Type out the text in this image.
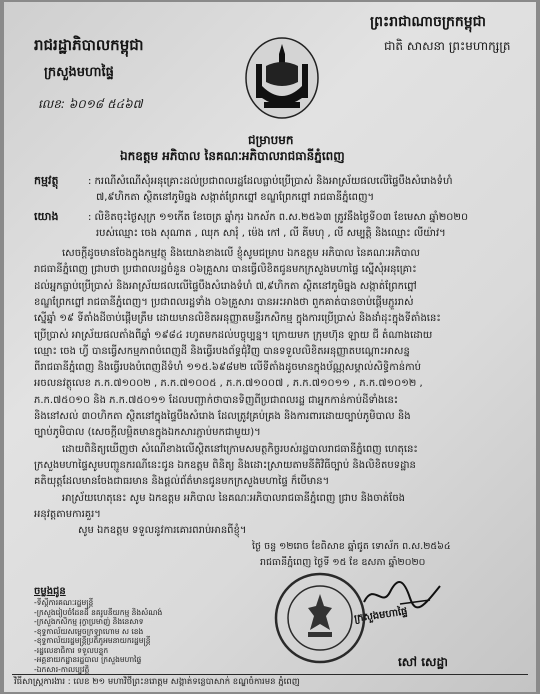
រាជរដ្ឋាភិបាលកម្ពុជា
ក្រសួងមហាផ្ទៃ
លេខ: ៦០១៨ ៥៤៦៧
ព្រះរាជាណាចក្រកម្ពុជា
ជាតិ សាសនា ព្រះមហាក្សត្រ
ជម្រាបមក
ឯកឧត្តម អភិបាល នៃគណៈអភិបាលរាជធានីភ្នំពេញ
កម្មវត្ថុ	: ករណីសំណើសុំអនុគ្រោះដល់ប្រជាពលរដ្ឋដែលធ្លាប់ប្រើប្រាស់ និងអាស្រ័យផលលើផ្ទៃបឹងសំរោងទំហំ
៧,៩ហិកតា ស្ថិតនៅភូមិធ្នង សង្កាត់ព្រែកព្នៅ ខណ្ឌព្រែកព្នៅ រាជធានីភ្នំពេញ។
យោង	: លិខិតចុះថ្ងៃសុក្រ ១១កើត ខែចេត្រ ឆ្នាំកុរ ឯកស័ក ព.ស.២៥៦៣ ត្រូវនឹងថ្ងៃទី០៣ ខែមេសា ឆ្នាំ២០២០
របស់ឈ្មោះ ចេង សុណាត , ឈុក សារុំ , ម៉េង កៅ , លី គីមហុ , លី សម្បត្តិ និងឈ្មោះ លីយ៉ាវ។
សេចក្តីដូចមានចែងក្នុងកម្មវត្ថុ និងយោងខាងលើ ខ្ញុំសូមជម្រាប ឯកឧត្តម អភិបាល នៃគណៈអភិបាល
រាជធានីភ្នំពេញ ជ្រាបថា ប្រជាពលរដ្ឋចំនួន ០៦គ្រួសារ បានធ្វើលិខិតជូនមកក្រសួងមហាផ្ទៃ ស្នើសុំអនុគ្រោះ
ដល់អ្នកធ្លាប់ប្រើប្រាស់ និងអាស្រ័យផលលើផ្ទៃបឹងសំរោងទំហំ ៧,៩ហិកតា ស្ថិតនៅភូមិធ្នង សង្កាត់ព្រែកព្នៅ
ខណ្ឌព្រែកព្នៅ រាជធានីភ្នំពេញ។ ប្រជាពលរដ្ឋទាំង ០៦គ្រួសារ បានអះអាងថា ពួកគាត់បានចាប់ផ្តើមភ្ជួររាស់
ស្នើឆ្នាំ ១៩ ទីតាំងដីចាប់ផ្តើមត្រឹម ដោយមានលិខិតអនុញ្ញាតមន្ទីរកសិកម្ម ក្នុងការប្រើប្រាស់ និងដាំដុះក្នុងទីតាំងនេះ
ប្រើប្រាស់ អាស្រ័យផលតាំងពីឆ្នាំ ១៩៨៤ រហូតមកដល់បច្ចុប្បន្ន។ ក្រោយមក ក្រុមហ៊ុន ឡាយ ជី តំណាងដោយ
ឈ្មោះ ចេង ហ្វី បានធ្វើសកម្មភាពបំពេញដី និងធ្វើរបងព័ទ្ធជុំវិញ បានទទួលលិខិតអនុញ្ញាតបណ្តោះអាសន្ន
ពីរាជធានីភ្នំពេញ និងធ្វើរបងបំពេញដីទំហំ ១១៥.៦៩៨ម២ លើទីតាំងដូចមានក្នុងប័ណ្ណសម្គាល់សិទ្ធិកាន់កាប់
អចលនវត្ថុលេខ ភ.ក.៧១០០២ , ភ.ក.៧១០០៥ , ភ.ក.៧១០០៧ , ភ.ក.៧១០១១ , ភ.ក.៧១០១២ ,
ភ.ក.៧៥០១០ និង ភ.ក.៧៥០១១ ដែលបញ្ជាក់ថាបានទិញពីប្រជាពលរដ្ឋ ជាអ្នកកាន់កាប់ដីទាំងនេះ
និងនៅសល់ ៣០ហិកតា ស្ថិតនៅក្នុងផ្ទៃបឹងសំរោង ដែលត្រូវគ្រប់គ្រង និងការពារដោយច្បាប់ភូមិបាល និង
ច្បាប់ភូមិបាល (សេចក្តីលម្អិតមានក្នុងឯកសារភ្ជាប់មកជាមួយ)។
ដោយពិនិត្យឃើញថា សំណើខាងលើស្ថិតនៅក្រោមសមត្ថកិច្ចរបស់រដ្ឋបាលរាជធានីភ្នំពេញ ហេតុនេះ
ក្រសួងមហាផ្ទៃសូមបញ្ជូនករណីនេះជូន ឯកឧត្តម ពិនិត្យ និងដោះស្រាយតាមនីតិវិធីច្បាប់ និងលិខិតបទដ្ឋាន
គតិយុត្តដែលមានចែងជាធរមាន និងផ្តល់ព័ត៌មានជូនមកក្រសួងមហាផ្ទៃ ក៏បើមាន។
អាស្រ័យហេតុនេះ សូម ឯកឧត្តម អភិបាល នៃគណៈអភិបាលរាជធានីភ្នំពេញ ជ្រាប និងចាត់ចែង
អនុវត្តតាមការគួរ។
សូម ឯកឧត្តម ទទួលនូវការគោរពរាប់អានពីខ្ញុំ។
ថ្ងៃ ចន្ទ ១២រោច ខែពិសាខ ឆ្នាំជូត ទោស័ក ព.ស.២៥៦៤
រាជធានីភ្នំពេញ ថ្ងៃទី ១៥ ខែ ឧសភា ឆ្នាំ២០២០
ក្រសួងមហាផ្ទៃ
សៅ សេដ្ឋា
ចម្លងជូន
-ទីស្តីការគណៈរដ្ឋមន្ត្រី
-ក្រសួងរៀបចំដែនដី នគរូបនីយកម្ម និងសំណង់
-ក្រសួងកសិកម្ម រុក្ខាប្រមាញ់ និងនេសាទ
-ខុទ្ទកាល័យសម្តេចក្រឡាហោម ស ខេង
-ខុទ្ទកាល័យរដ្ឋមន្ត្រីប្រតិភូអមនាយករដ្ឋមន្ត្រី
-រដ្ឋលេខាធិការ ទទួលបន្ទុក
-អគ្គនាយកដ្ឋានរដ្ឋបាល ក្រសួងមហាផ្ទៃ
-ឯកសារ-កាលប្បវត្តិ
វិធីសាស្រ្តការងារ : លេខ ២១ មហាវិថីព្រះនរោត្តម សង្កាត់ទន្លេបាសាក់ ខណ្ឌចំការមន ភ្នំពេញ
